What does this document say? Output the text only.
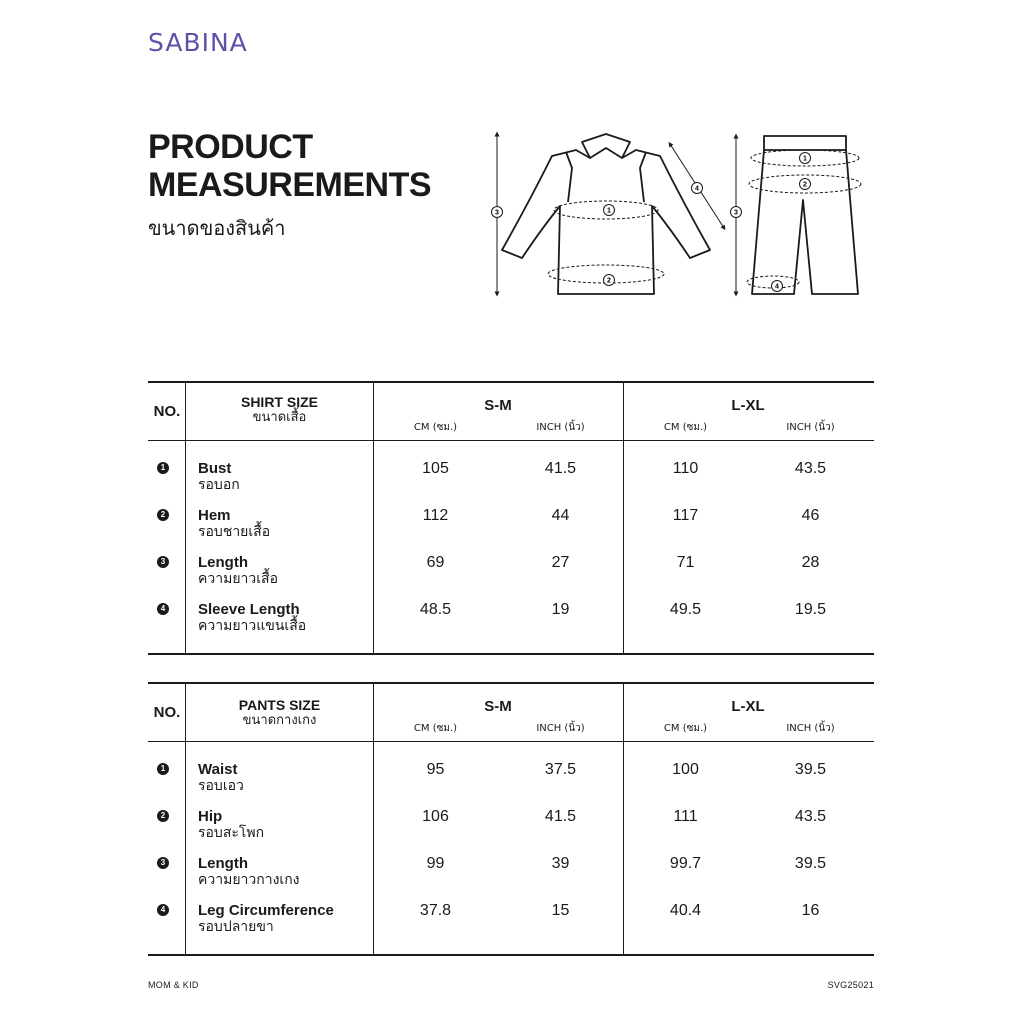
SABINA
PRODUCT
MEASUREMENTS
ขนาดของสินค้า
1
2
3
4
1
2
3
4
NO.
SHIRT SIZE
ขนาดเสื้อ
S-M	L-XL
CM (ซม.)	INCH (นิ้ว)	CM (ซม.)	INCH (นิ้ว)
1 Bust
รอบอก
105	41.5	110	43.5
2 Hem
รอบชายเสื้อ
112	44	117	46
3 Length
ความยาวเสื้อ
69	27	71	28
4 Sleeve Length
ความยาวแขนเสื้อ
48.5	19	49.5	19.5
NO.	PANTS SIZE
ขนาดกางเกง
S-M	L-XL
CM (ซม.)	INCH (นิ้ว)	CM (ซม.)	INCH (นิ้ว)
1 Waist
รอบเอว
95	37.5	100	39.5
2 Hip
รอบสะโพก
106	41.5	111	43.5
3 Length
ความยาวกางเกง
99	39	99.7	39.5
4 Leg Circumference
รอบปลายขา
37.8	15	40.4	16
MOM & KID	SVG25021
